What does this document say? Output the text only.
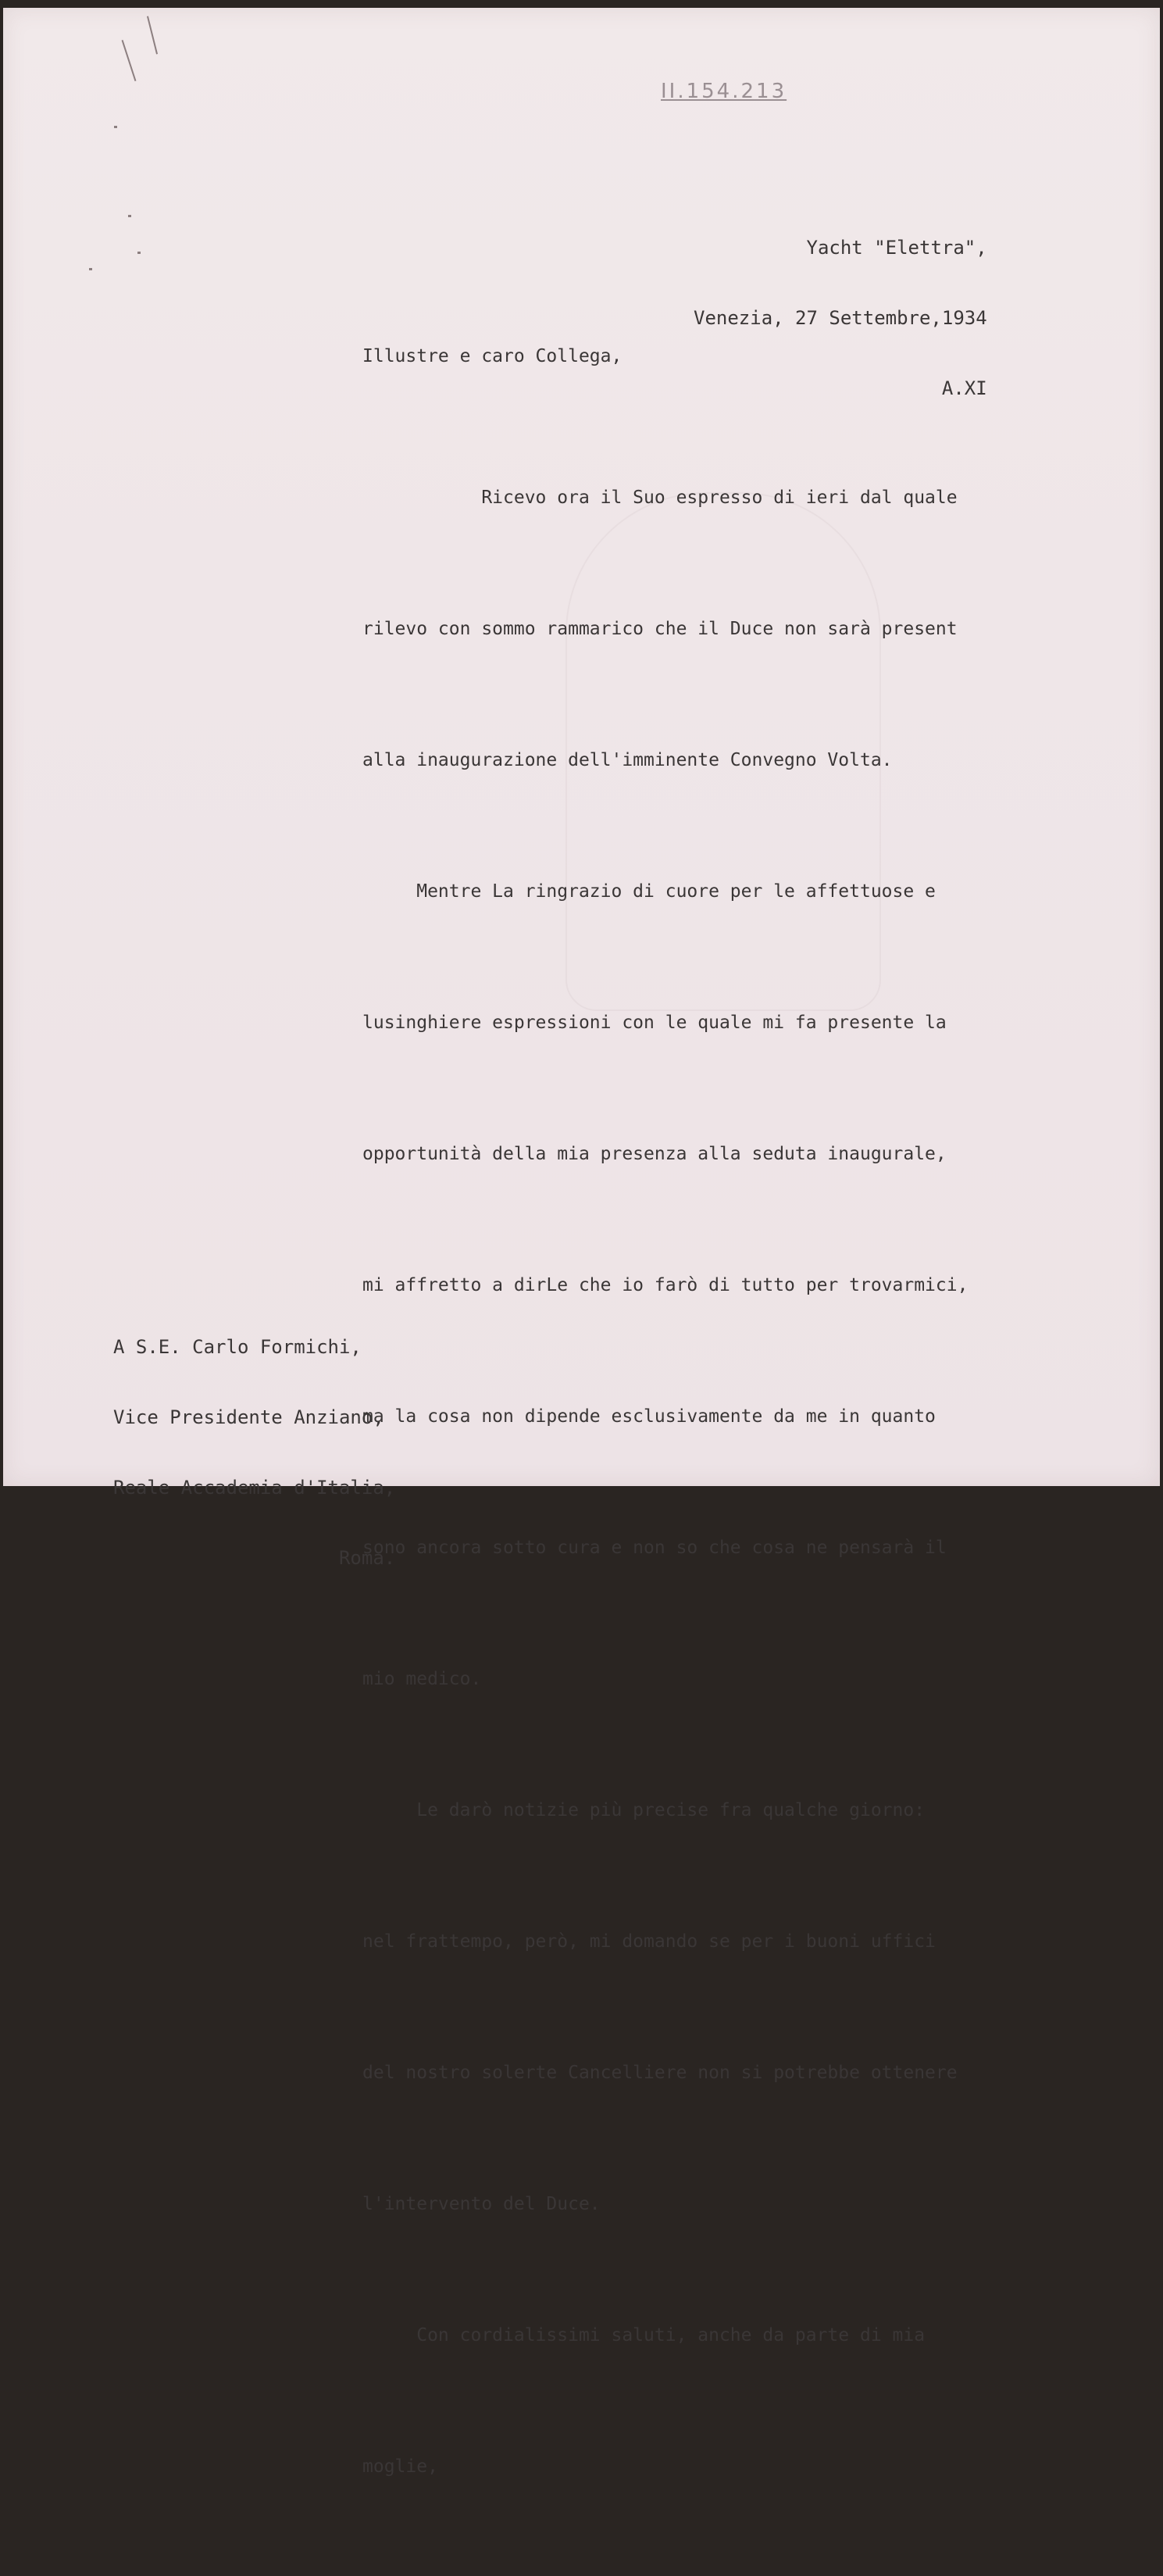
II.154.213

Yacht "Elettra",

Venezia, 27 Settembre,1934

A.XI

Illustre e caro Collega,

Ricevo ora il Suo espresso di ieri dal quale

rilevo con sommo rammarico che il Duce non sarà present

alla inaugurazione dell'imminente Convegno Volta.

Mentre La ringrazio di cuore per le affettuose e

lusinghiere espressioni con le quale mi fa presente la

opportunità della mia presenza alla seduta inaugurale,

mi affretto a dirLe che io farò di tutto per trovarmici,

ma la cosa non dipende esclusivamente da me in quanto

sono ancora sotto cura e non so che cosa ne pensarà il

mio medico.

Le darò notizie più precise fra qualche giorno:

nel frattempo, però, mi domando se per i buoni uffici

del nostro solerte Cancelliere non si potrebbe ottenere

l'intervento del Duce.

Con cordialissimi saluti, anche da parte di mia

moglie,

A S.E. Carlo Formichi,

Vice Presidente Anziano,

Reale Accademia d'Italia,

Roma.
